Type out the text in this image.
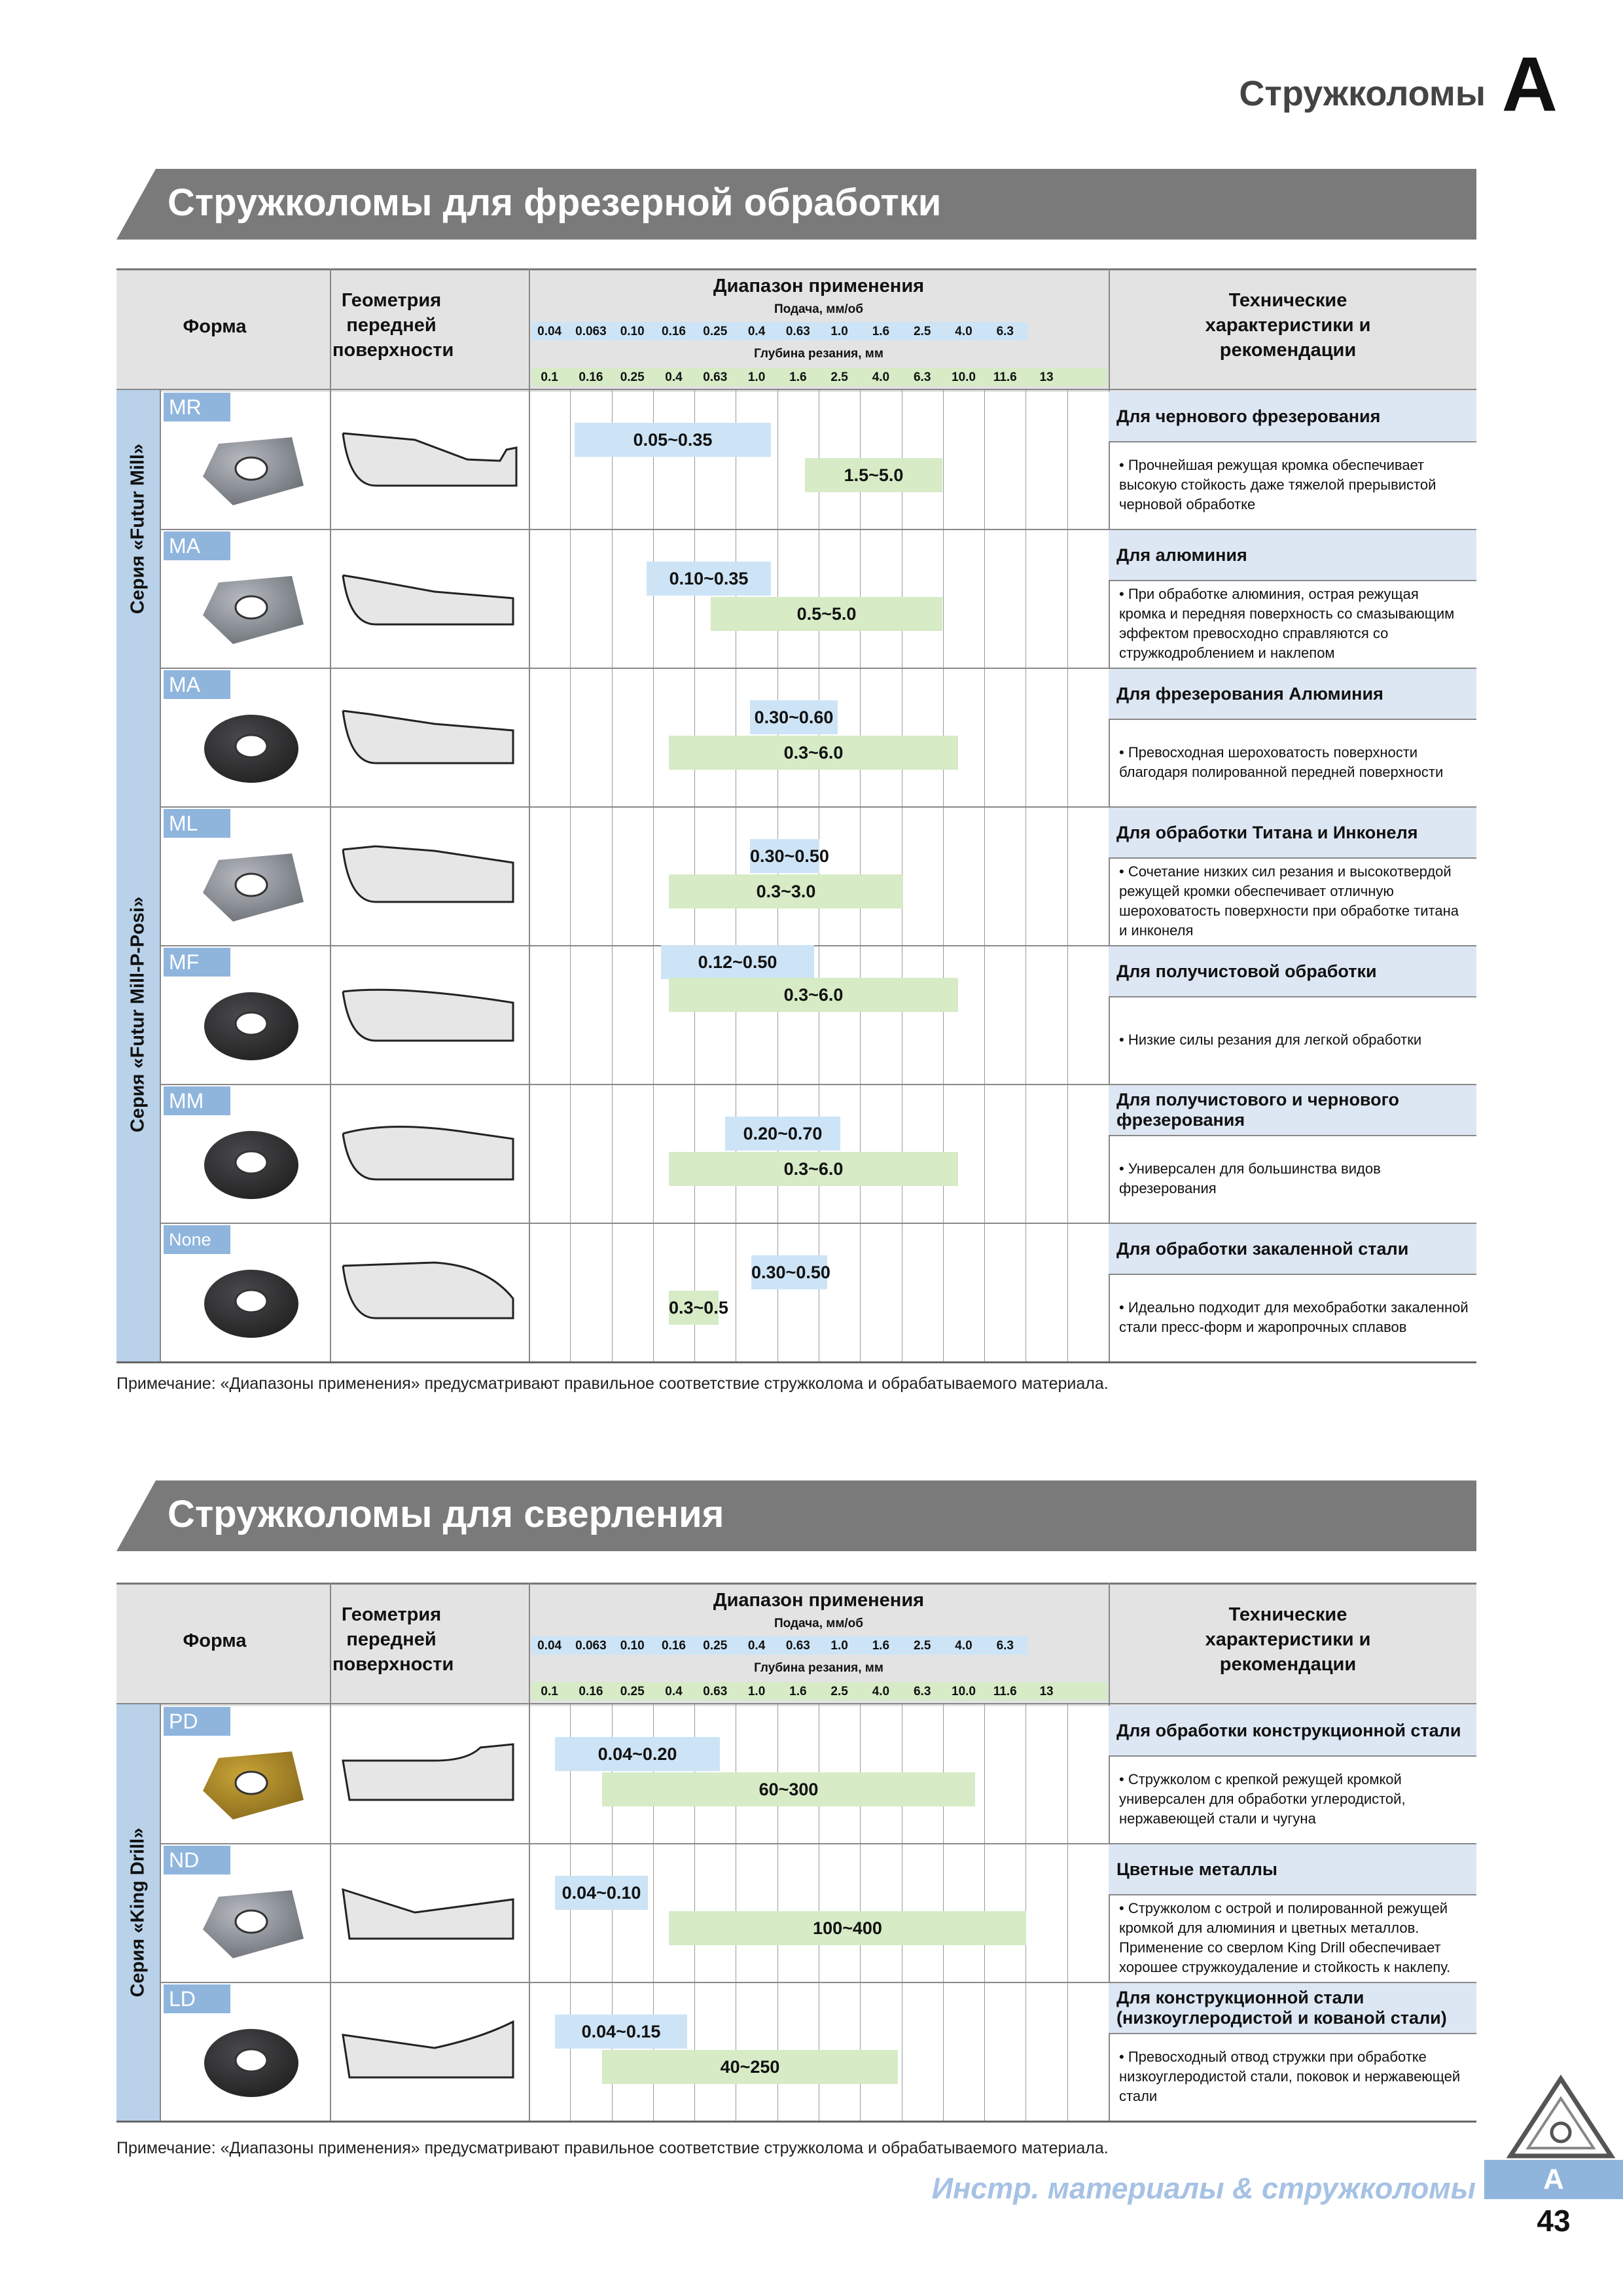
Стружколомы A
Стружколомы для фрезерной обработки
Форма
Геометрия передней поверхности
Диапазон применения
Технические характеристики и рекомендации
Подача, мм/об
0.04 0.063 0.10 0.16 0.25 0.4 0.63 1.0 1.6 2.5 4.0 6.3
Глубина резания, мм
0.1 0.16 0.25 0.4 0.63 1.0 1.6 2.5 4.0 6.3 10.0 11.6 13
Серия «Futur Mill»
Серия «Futur Mill-P-Posi»
MR
0.05~0.35
1.5~5.0
Для чернового фрезерования
• Прочнейшая режущая кромка обеспечивает высокую стойкость даже тяжелой прерывистой черновой обработке
MA
0.10~0.35
0.5~5.0
Для алюминия
• При обработке алюминия, острая режущая кромка и передняя поверхность со смазывающим эффектом превосходно справляются со стружкодроблением и наклепом
MA
0.30~0.60
0.3~6.0
Для фрезерования Алюминия
• Превосходная шероховатость поверхности благодаря полированной передней поверхности
ML
0.30~0.50
0.3~3.0
Для обработки Титана и Инконеля
• Сочетание низких сил резания и высокотвердой режущей кромки обеспечивает отличную шероховатость поверхности при обработке титана и инконеля
MF	0.12~0.50
0.3~6.0
Для получистовой обработки
• Низкие силы резания для легкой обработки
MM
0.20~0.70
0.3~6.0
Для получистового и чернового фрезерования
• Универсален для большинства видов фрезерования
None C/B	0.30~0.50
0.3~0.5
Для обработки закаленной стали
• Идеально подходит для мехобработки закаленной стали пресс-форм и жаропрочных сплавов
Примечание: «Диапазоны применения» предусматривают правильное соответствие стружколома и обрабатываемого материала.
Стружколомы для сверления
Форма
Геометрия передней поверхности
Диапазон применения
Технические характеристики и рекомендации
Подача, мм/об
0.04 0.063 0.10 0.16 0.25 0.4 0.63 1.0 1.6 2.5 4.0 6.3
Глубина резания, мм
0.1 0.16 0.25 0.4 0.63 1.0 1.6 2.5 4.0 6.3 10.0 11.6 13
Серия «King Drill»
PD
0.04~0.20
60~300
Для обработки конструкционной стали
• Стружколом с крепкой режущей кромкой универсален для обработки углеродистой, нержавеющей стали и чугуна
ND
0.04~0.10
100~400
Цветные металлы
• Стружколом с острой и полированной режущей кромкой для алюминия и цветных металлов. Применение со сверлом King Drill обеспечивает хорошее стружкоудаление и стойкость к наклепу.
LD
0.04~0.15
40~250
Для конструкционной стали (низкоуглеродистой и кованой стали)
• Превосходный отвод стружки при обработке низкоуглеродистой стали, поковок и нержавеющей стали
Примечание: «Диапазоны применения» предусматривают правильное соответствие стружколома и обрабатываемого материала.
Инстр. материалы & стружколомы	A
43
